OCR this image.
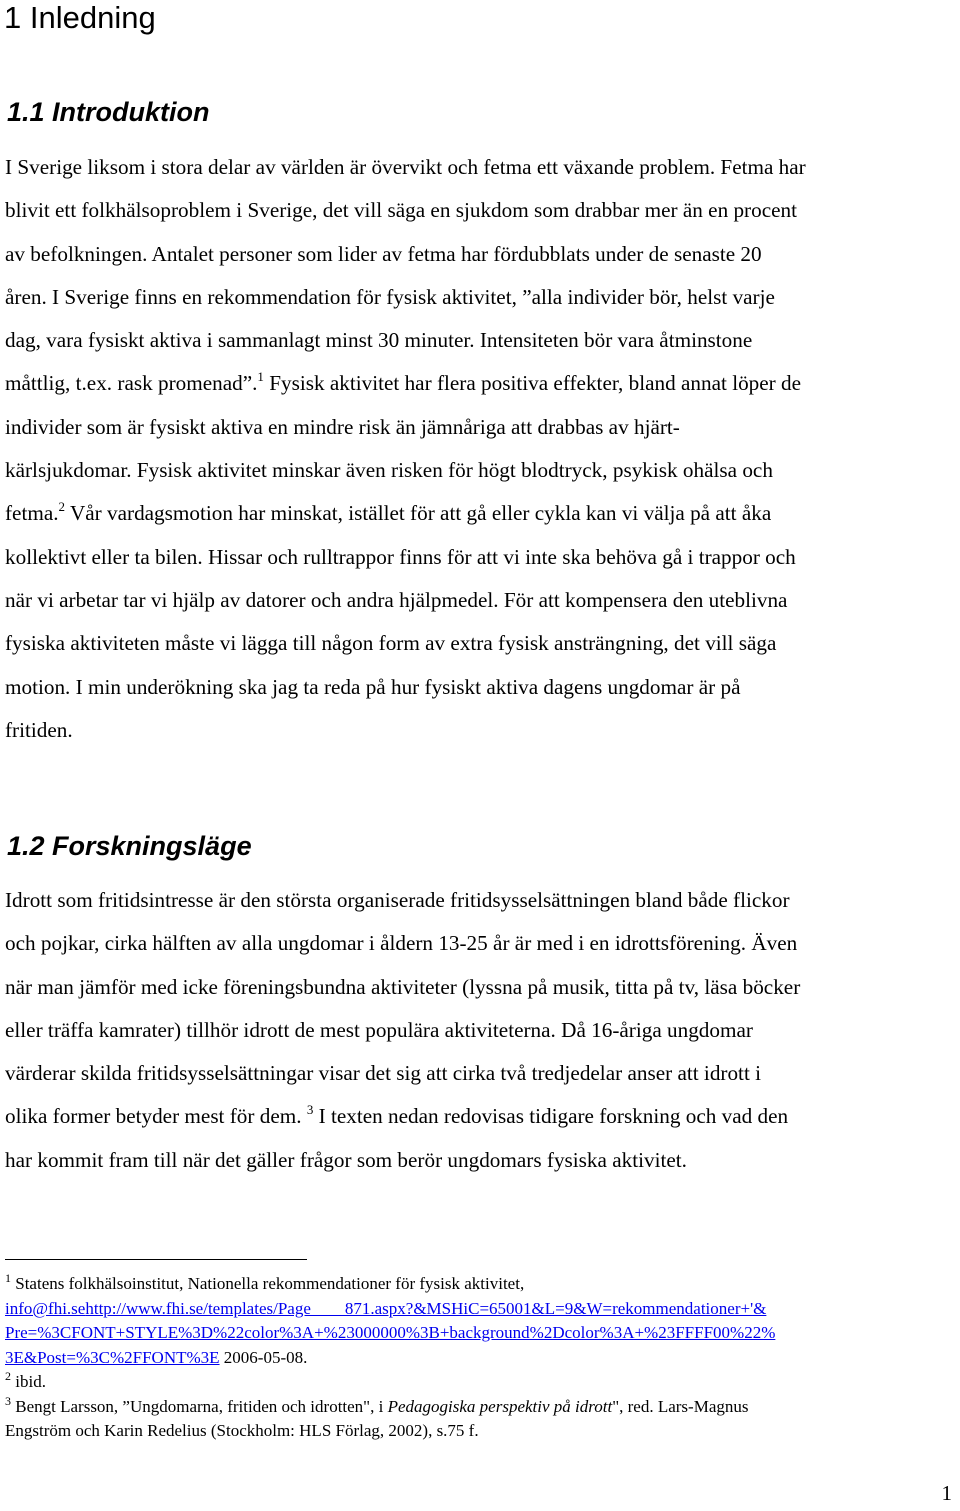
1 Inledning
1.1 Introduktion
I Sverige liksom i stora delar av världen är övervikt och fetma ett växande problem. Fetma har
blivit ett folkhälsoproblem i Sverige, det vill säga en sjukdom som drabbar mer än en procent
av befolkningen. Antalet personer som lider av fetma har fördubblats under de senaste 20
åren. I Sverige finns en rekommendation för fysisk aktivitet, ”alla individer bör, helst varje
dag, vara fysiskt aktiva i sammanlagt minst 30 minuter. Intensiteten bör vara åtminstone
måttlig, t.ex. rask promenad”.$^1$ Fysisk aktivitet har flera positiva effekter, bland annat löper de
individer som är fysiskt aktiva en mindre risk än jämnåriga att drabbas av hjärt-
kärlsjukdomar. Fysisk aktivitet minskar även risken för högt blodtryck, psykisk ohälsa och
fetma.$^2$ Vår vardagsmotion har minskat, istället för att gå eller cykla kan vi välja på att åka
kollektivt eller ta bilen. Hissar och rulltrappor finns för att vi inte ska behöva gå i trappor och
när vi arbetar tar vi hjälp av datorer och andra hjälpmedel. För att kompensera den uteblivna
fysiska aktiviteten måste vi lägga till någon form av extra fysisk ansträngning, det vill säga
motion. I min underökning ska jag ta reda på hur fysiskt aktiva dagens ungdomar är på
fritiden.
1.2 Forskningsläge
Idrott som fritidsintresse är den största organiserade fritidsysselsättningen bland både flickor
och pojkar, cirka hälften av alla ungdomar i åldern 13-25 år är med i en idrottsförening. Även
när man jämför med icke föreningsbundna aktiviteter (lyssna på musik, titta på tv, läsa böcker
eller träffa kamrater) tillhör idrott de mest populära aktiviteterna. Då 16-åriga ungdomar
värderar skilda fritidsysselsättningar visar det sig att cirka två tredjedelar anser att idrott i
olika former betyder mest för dem. $^3$ I texten nedan redovisas tidigare forskning och vad den
har kommit fram till när det gäller frågor som berör ungdomars fysiska aktivitet.
$^1$ Statens folkhälsoinstitut, Nationella rekommendationer för fysisk aktivitet,
info@fhi.sehttp://www.fhi.se/templates/Page____871.aspx?&MSHiC=65001&L=9&W=rekommendationer+'&
Pre=%3CFONT+STYLE%3D%22color%3A+%23000000%3B+background%2Dcolor%3A+%23FFFF00%22%
3E&Post=%3C%2FFONT%3E 2006-05-08.
$^2$ ibid.
$^3$ Bengt Larsson, ”Ungdomarna, fritiden och idrotten", i Pedagogiska perspektiv på idrott", red. Lars-Magnus
Engström och Karin Redelius (Stockholm: HLS Förlag, 2002), s.75 f.
1
